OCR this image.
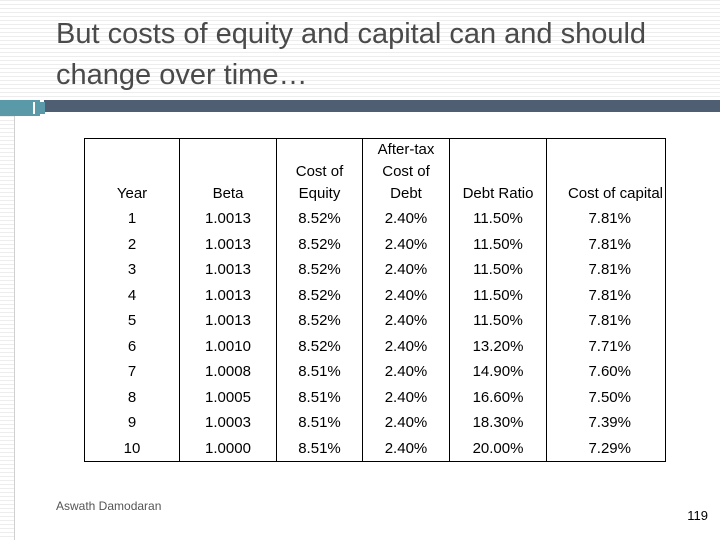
But costs of equity and capital can and should change over time…
Year	Beta	Cost of Equity	After-tax Cost of Debt	Debt Ratio	Cost of capital
1	1.0013	8.52%	2.40%	11.50%	7.81%
2	1.0013	8.52%	2.40%	11.50%	7.81%
3	1.0013	8.52%	2.40%	11.50%	7.81%
4	1.0013	8.52%	2.40%	11.50%	7.81%
5	1.0013	8.52%	2.40%	11.50%	7.81%
6	1.0010	8.52%	2.40%	13.20%	7.71%
7	1.0008	8.51%	2.40%	14.90%	7.60%
8	1.0005	8.51%	2.40%	16.60%	7.50%
9	1.0003	8.51%	2.40%	18.30%	7.39%
10	1.0000	8.51%	2.40%	20.00%	7.29%
Aswath Damodaran
119
